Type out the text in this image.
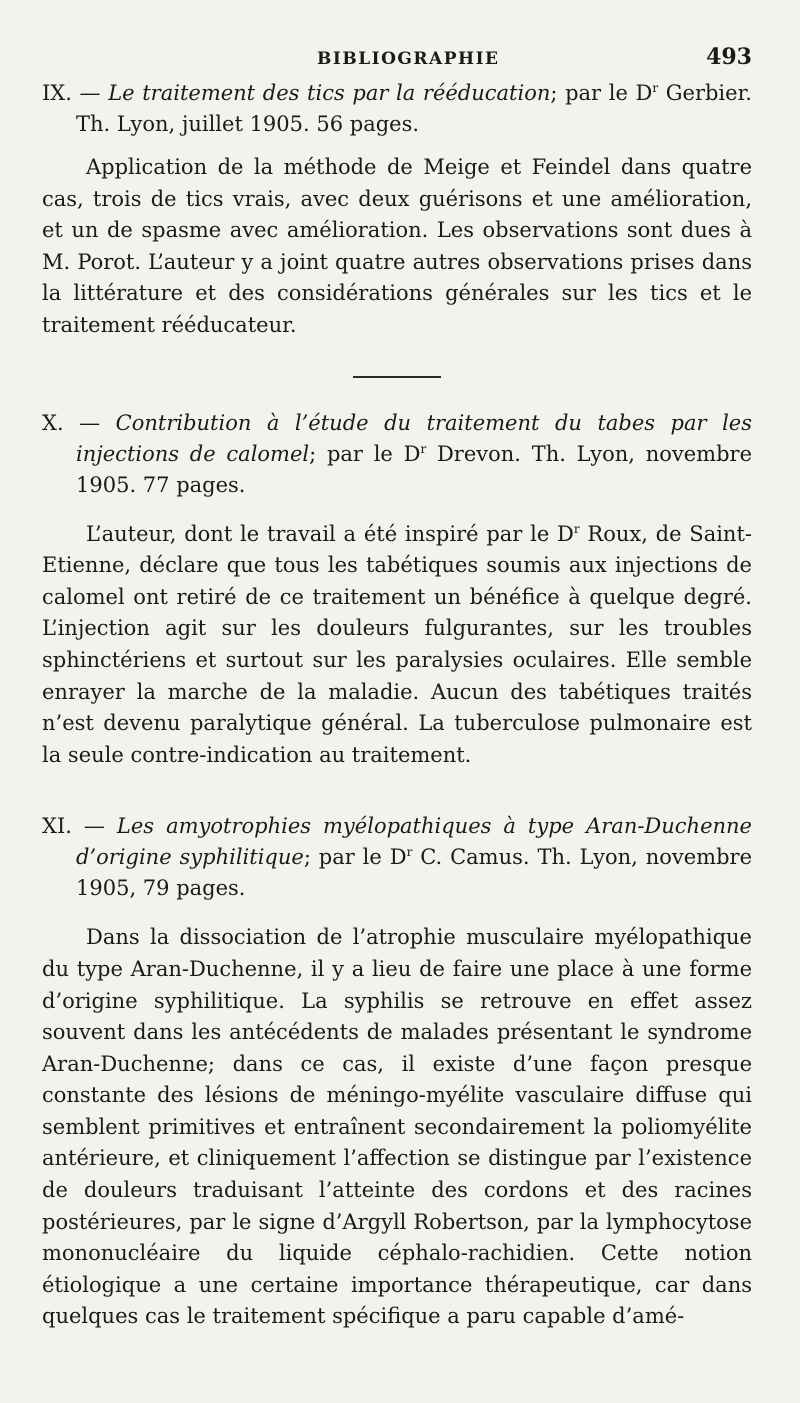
BIBLIOGRAPHIE	493

IX. — Le traitement des tics par la rééducation; par le $D^r$ Gerbier. Th. Lyon, juillet 1905. 56 pages.

Application de la méthode de Meige et Feindel dans quatre cas, trois de tics vrais, avec deux guérisons et une amélioration, et un de spasme avec amélioration. Les observations sont dues à M. Porot. L’auteur y a joint quatre autres observations prises dans la littérature et des considérations générales sur les tics et le traitement rééducateur.

X. — Contribution à l’étude du traitement du tabes par les injections de calomel; par le $D^r$ Drevon. Th. Lyon, novembre 1905. 77 pages.

L’auteur, dont le travail a été inspiré par le $D^r$ Roux, de Saint-Etienne, déclare que tous les tabétiques soumis aux injections de calomel ont retiré de ce traitement un bénéfice à quelque degré. L’injection agit sur les douleurs fulgurantes, sur les troubles sphinctériens et surtout sur les paralysies oculaires. Elle semble enrayer la marche de la maladie. Aucun des tabétiques traités n’est devenu paralytique général. La tuberculose pulmonaire est la seule contre-indication au traitement.

XI. — Les amyotrophies myélopathiques à type Aran-Duchenne d’origine syphilitique; par le $D^r$ C. Camus. Th. Lyon, novembre 1905, 79 pages.

Dans la dissociation de l’atrophie musculaire myélopathique du type Aran-Duchenne, il y a lieu de faire une place à une forme d’origine syphilitique. La syphilis se retrouve en effet assez souvent dans les antécédents de malades présentant le syndrome Aran-Duchenne; dans ce cas, il existe d’une façon presque constante des lésions de méningo-myélite vasculaire diffuse qui semblent primitives et entraînent secondairement la poliomyélite antérieure, et cliniquement l’affection se distingue par l’existence de douleurs traduisant l’atteinte des cordons et des racines postérieures, par le signe d’Argyll Robertson, par la lymphocytose mononucléaire du liquide céphalo-rachidien. Cette notion étiologique a une certaine importance thérapeutique, car dans quelques cas le traitement spécifique a paru capable d’amé-
